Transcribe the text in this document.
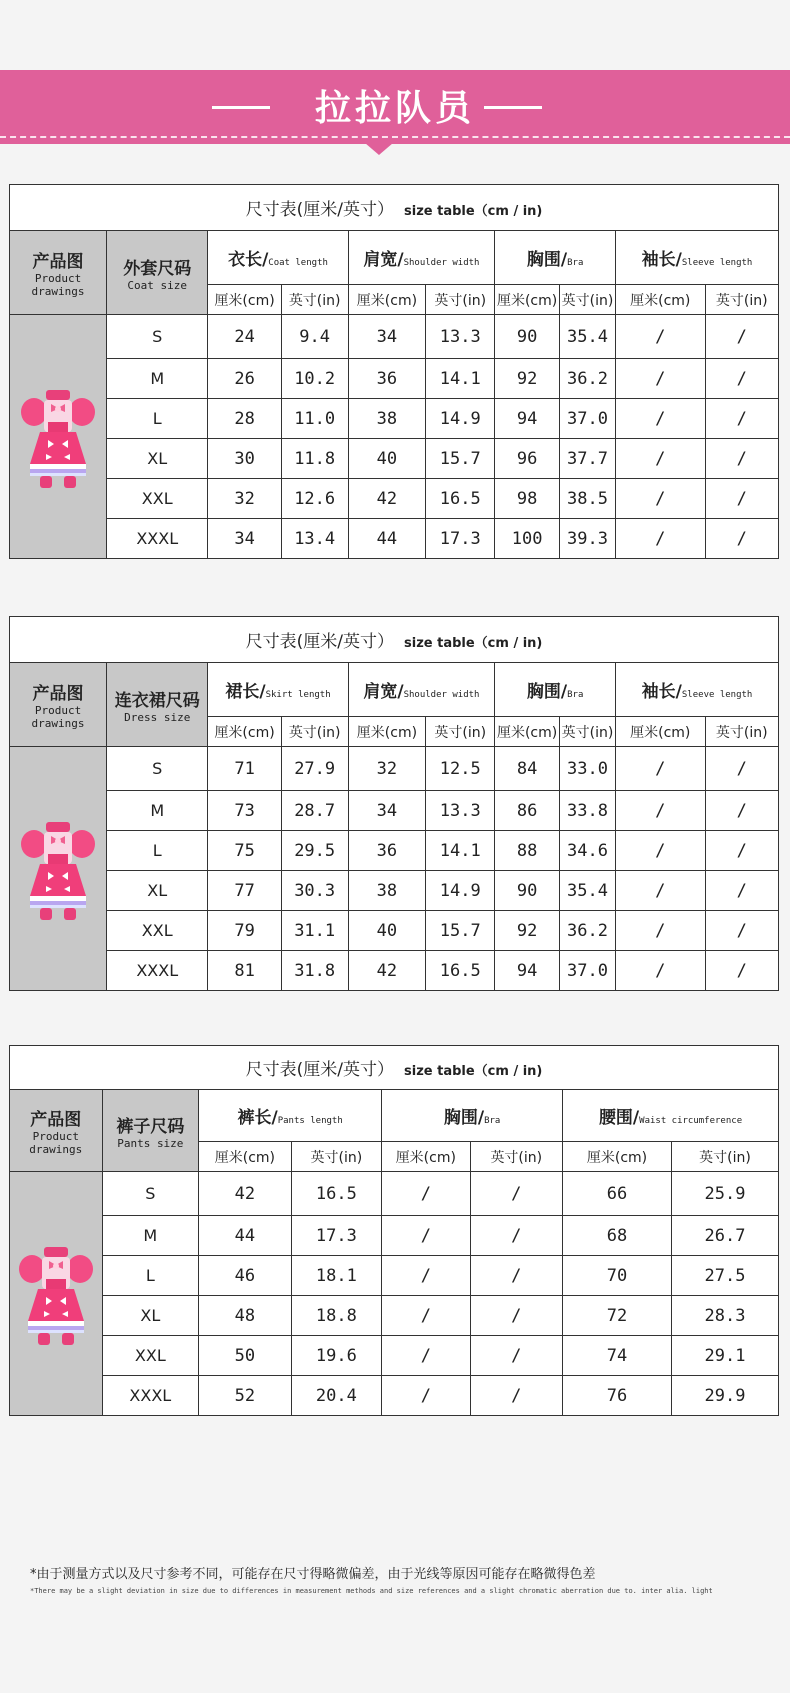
拉拉队员
尺寸表(厘米/英寸） size table（cm / in)									

产品图
Product
drawings	外套尺码
Coat size	衣长/Coat length		肩宽/Shoulder width		胸围/Bra		袖长/Sleeve length	
		厘米(cm)	英寸(in)	厘米(cm)	英寸(in)	厘米(cm)	英寸(in)	厘米(cm)	英寸(in)

	S	24	9.4	34	13.3	90	35.4	/	/
	M	26	10.2	36	14.1	92	36.2	/	/
	L	28	11.0	38	14.9	94	37.0	/	/
	XL	30	11.8	40	15.7	96	37.7	/	/
	XXL	32	12.6	42	16.5	98	38.5	/	/
	XXXL	34	13.4	44	17.3	100	39.3	/	/
尺寸表(厘米/英寸） size table（cm / in)									

产品图
Product
drawings	连衣裙尺码
Dress size	裙长/Skirt length		肩宽/Shoulder width		胸围/Bra		袖长/Sleeve length	
		厘米(cm)	英寸(in)	厘米(cm)	英寸(in)	厘米(cm)	英寸(in)	厘米(cm)	英寸(in)

	S	71	27.9	32	12.5	84	33.0	/	/
	M	73	28.7	34	13.3	86	33.8	/	/
	L	75	29.5	36	14.1	88	34.6	/	/
	XL	77	30.3	38	14.9	90	35.4	/	/
	XXL	79	31.1	40	15.7	92	36.2	/	/
	XXXL	81	31.8	42	16.5	94	37.0	/	/
尺寸表(厘米/英寸） size table（cm / in)							

产品图
Product
drawings	裤子尺码
Pants size	裤长/Pants length		胸围/Bra		腰围/Waist circumference	
		厘米(cm)	英寸(in)	厘米(cm)	英寸(in)	厘米(cm)	英寸(in)

	S	42	16.5	/	/	66	25.9
	M	44	17.3	/	/	68	26.7
	L	46	18.1	/	/	70	27.5
	XL	48	18.8	/	/	72	28.3
	XXL	50	19.6	/	/	74	29.1
	XXXL	52	20.4	/	/	76	29.9
*由于测量方式以及尺寸参考不同，可能存在尺寸得略微偏差，由于光线等原因可能存在略微得色差
*There may be a slight deviation in size due to differences in measurement methods and size references and a slight chromatic aberration due to. inter alia. light
